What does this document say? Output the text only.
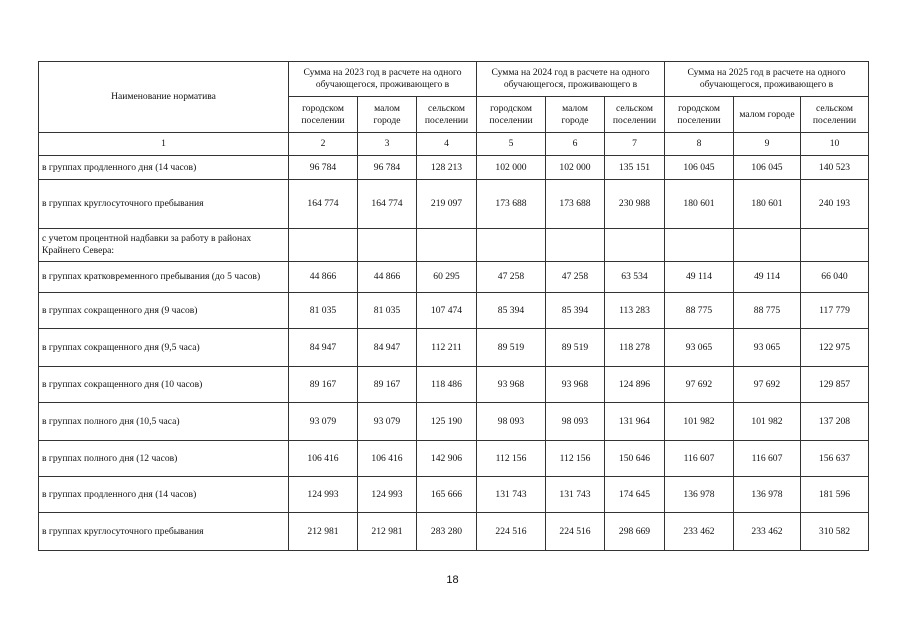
Наименование норматива	Сумма на 2023 год в расчете на одного обучающегося, проживающего в			Сумма на 2024 год в расчете на одного обучающегося, проживающего в			Сумма на 2025 год в расчете на одного обучающегося, проживающего в		
	городском поселении	малом городе	сельском поселении	городском поселении	малом городе	сельском поселении	городском поселении	малом городе	сельском поселении
1	2	3	4	5	6	7	8	9	10
в группах продленного дня (14 часов)	96 784	96 784	128 213	102 000	102 000	135 151	106 045	106 045	140 523
в группах круглосуточного пребывания	164 774	164 774	219 097	173 688	173 688	230 988	180 601	180 601	240 193
с учетом процентной надбавки за работу в районах Крайнего Севера:									
в группах кратковременного пребывания (до 5 часов)	44 866	44 866	60 295	47 258	47 258	63 534	49 114	49 114	66 040
в группах сокращенного дня (9 часов)	81 035	81 035	107 474	85 394	85 394	113 283	88 775	88 775	117 779
в группах сокращенного дня (9,5 часа)	84 947	84 947	112 211	89 519	89 519	118 278	93 065	93 065	122 975
в группах сокращенного дня (10 часов)	89 167	89 167	118 486	93 968	93 968	124 896	97 692	97 692	129 857
в группах полного дня (10,5 часа)	93 079	93 079	125 190	98 093	98 093	131 964	101 982	101 982	137 208
в группах полного дня (12 часов)	106 416	106 416	142 906	112 156	112 156	150 646	116 607	116 607	156 637
в группах продленного дня (14 часов)	124 993	124 993	165 666	131 743	131 743	174 645	136 978	136 978	181 596
в группах круглосуточного пребывания	212 981	212 981	283 280	224 516	224 516	298 669	233 462	233 462	310 582
18
